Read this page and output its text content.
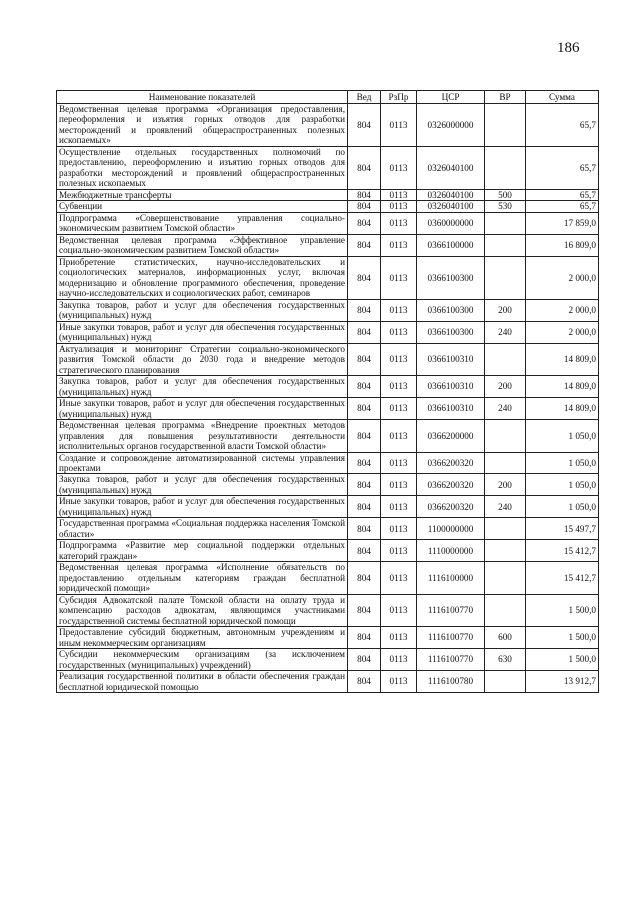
186
Наименование показателей	Вед	РзПр	ЦСР	ВР	Сумма
Ведомственная целевая программа «Организация предоставления, переоформления и изъятия горных отводов для разработки месторождений и проявлений общераспространенных полезных ископаемых»	804	0113	0326000000		65,7
Осуществление отдельных государственных полномочий по предоставлению, переоформлению и изъятию горных отводов для разработки месторождений и проявлений общераспространенных полезных ископаемых	804	0113	0326040100		65,7
Межбюджетные трансферты	804	0113	0326040100	500	65,7
Субвенции	804	0113	0326040100	530	65,7
Подпрограмма «Совершенствование управления социально-экономическим развитием Томской области»	804	0113	0360000000		17 859,0
Ведомственная целевая программа «Эффективное управление социально-экономическим развитием Томской области»	804	0113	0366100000		16 809,0
Приобретение статистических, научно-исследовательских и социологических материалов, информационных услуг, включая модернизацию и обновление программного обеспечения, проведение научно-исследовательских и социологических работ, семинаров	804	0113	0366100300		2 000,0
Закупка товаров, работ и услуг для обеспечения государственных (муниципальных) нужд	804	0113	0366100300	200	2 000,0
Иные закупки товаров, работ и услуг для обеспечения государственных (муниципальных) нужд	804	0113	0366100300	240	2 000,0
Актуализация и мониторинг Стратегии социально-экономического развития Томской области до 2030 года и внедрение методов стратегического планирования	804	0113	0366100310		14 809,0
Закупка товаров, работ и услуг для обеспечения государственных (муниципальных) нужд	804	0113	0366100310	200	14 809,0
Иные закупки товаров, работ и услуг для обеспечения государственных (муниципальных) нужд	804	0113	0366100310	240	14 809,0
Ведомственная целевая программа «Внедрение проектных методов управления для повышения результативности деятельности исполнительных органов государственной власти Томской области»	804	0113	0366200000		1 050,0
Создание и сопровождение автоматизированной системы управления проектами	804	0113	0366200320		1 050,0
Закупка товаров, работ и услуг для обеспечения государственных (муниципальных) нужд	804	0113	0366200320	200	1 050,0
Иные закупки товаров, работ и услуг для обеспечения государственных (муниципальных) нужд	804	0113	0366200320	240	1 050,0
Государственная программа «Социальная поддержка населения Томской области»	804	0113	1100000000		15 497,7
Подпрограмма «Развитие мер социальной поддержки отдельных категорий граждан»	804	0113	1110000000		15 412,7
Ведомственная целевая программа «Исполнение обязательств по предоставлению отдельным категориям граждан бесплатной юридической помощи»	804	0113	1116100000		15 412,7
Субсидия Адвокатской палате Томской области на оплату труда и компенсацию расходов адвокатам, являющимся участниками государственной системы бесплатной юридической помощи	804	0113	1116100770		1 500,0
Предоставление субсидий бюджетным, автономным учреждениям и иным некоммерческим организациям	804	0113	1116100770	600	1 500,0
Субсидии некоммерческим организациям (за исключением государственных (муниципальных) учреждений)	804	0113	1116100770	630	1 500,0
Реализация государственной политики в области обеспечения граждан бесплатной юридической помощью	804	0113	1116100780		13 912,7
